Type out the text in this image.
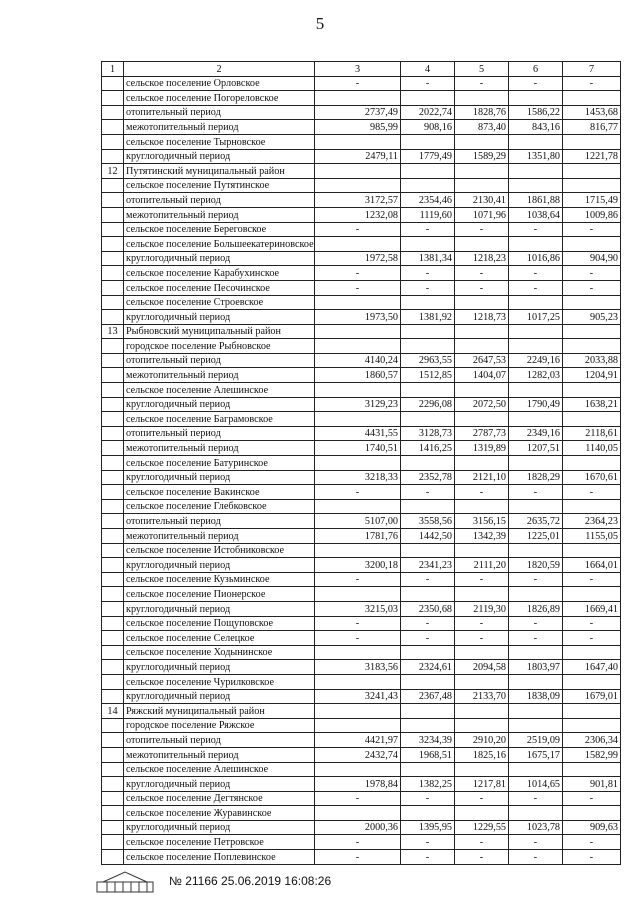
5
1	2	3	4	5	6	7
	сельское поселение Орловское	-	-	-	-	-
	сельское поселение Погореловское					
	отопительный период	2737,49	2022,74	1828,76	1586,22	1453,68
	межотопительный период	985,99	908,16	873,40	843,16	816,77
	сельское поселение Тырновское					
	круглогодичный период	2479,11	1779,49	1589,29	1351,80	1221,78
12	Путятинский муниципальный район					
	сельское поселение Путятинское					
	отопительный период	3172,57	2354,46	2130,41	1861,88	1715,49
	межотопительный период	1232,08	1119,60	1071,96	1038,64	1009,86
	сельское поселение Береговское	-	-	-	-	-
	сельское поселение Большеекатериновское					
	круглогодичный период	1972,58	1381,34	1218,23	1016,86	904,90
	сельское поселение Карабухинское	-	-	-	-	-
	сельское поселение Песочинское	-	-	-	-	-
	сельское поселение Строевское					
	круглогодичный период	1973,50	1381,92	1218,73	1017,25	905,23
13	Рыбновский муниципальный район					
	городское поселение Рыбновское					
	отопительный период	4140,24	2963,55	2647,53	2249,16	2033,88
	межотопительный период	1860,57	1512,85	1404,07	1282,03	1204,91
	сельское поселение Алешинское					
	круглогодичный период	3129,23	2296,08	2072,50	1790,49	1638,21
	сельское поселение Баграмовское					
	отопительный период	4431,55	3128,73	2787,73	2349,16	2118,61
	межотопительный период	1740,51	1416,25	1319,89	1207,51	1140,05
	сельское поселение Батуринское					
	круглогодичный период	3218,33	2352,78	2121,10	1828,29	1670,61
	сельское поселение Вакинское	-	-	-	-	-
	сельское поселение Глебковское					
	отопительный период	5107,00	3558,56	3156,15	2635,72	2364,23
	межотопительный период	1781,76	1442,50	1342,39	1225,01	1155,05
	сельское поселение Истобниковское					
	круглогодичный период	3200,18	2341,23	2111,20	1820,59	1664,01
	сельское поселение Кузьминское	-	-	-	-	-
	сельское поселение Пионерское					
	круглогодичный период	3215,03	2350,68	2119,30	1826,89	1669,41
	сельское поселение Пощуповское	-	-	-	-	-
	сельское поселение Селецкое	-	-	-	-	-
	сельское поселение Ходынинское					
	круглогодичный период	3183,56	2324,61	2094,58	1803,97	1647,40
	сельское поселение Чурилковское					
	круглогодичный период	3241,43	2367,48	2133,70	1838,09	1679,01
14	Ряжский муниципальный район					
	городское поселение Ряжское					
	отопительный период	4421,97	3234,39	2910,20	2519,09	2306,34
	межотопительный период	2432,74	1968,51	1825,16	1675,17	1582,99
	сельское поселение Алешинское					
	круглогодичный период	1978,84	1382,25	1217,81	1014,65	901,81
	сельское поселение Дегтянское	-	-	-	-	-
	сельское поселение Журавинское					
	круглогодичный период	2000,36	1395,95	1229,55	1023,78	909,63
	сельское поселение Петровское	-	-	-	-	-
	сельское поселение Поплевинское	-	-	-	-	-
№ 21166 25.06.2019 16:08:26
